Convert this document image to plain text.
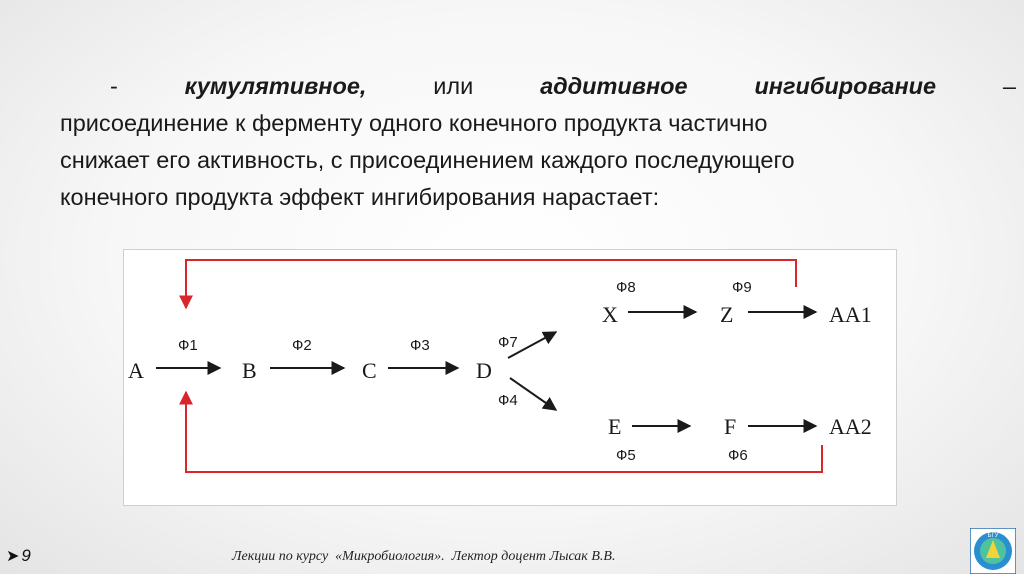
-	кумулятивное,	или	аддитивное	ингибирование	–
присоединение к ферменту одного конечного продукта частично
снижает его активность, с присоединением каждого последующего
конечного продукта эффект ингибирования нарастает:
A	B	C	D
X	Z	AA1
E	F	AA2
Ф1	Ф2	Ф3	Ф7
Ф4
Ф8	Ф9
Ф5	Ф6
➤ 9	Лекции по курсу  «Микробиология».  Лектор доцент Лысак В.В.
БГУ
